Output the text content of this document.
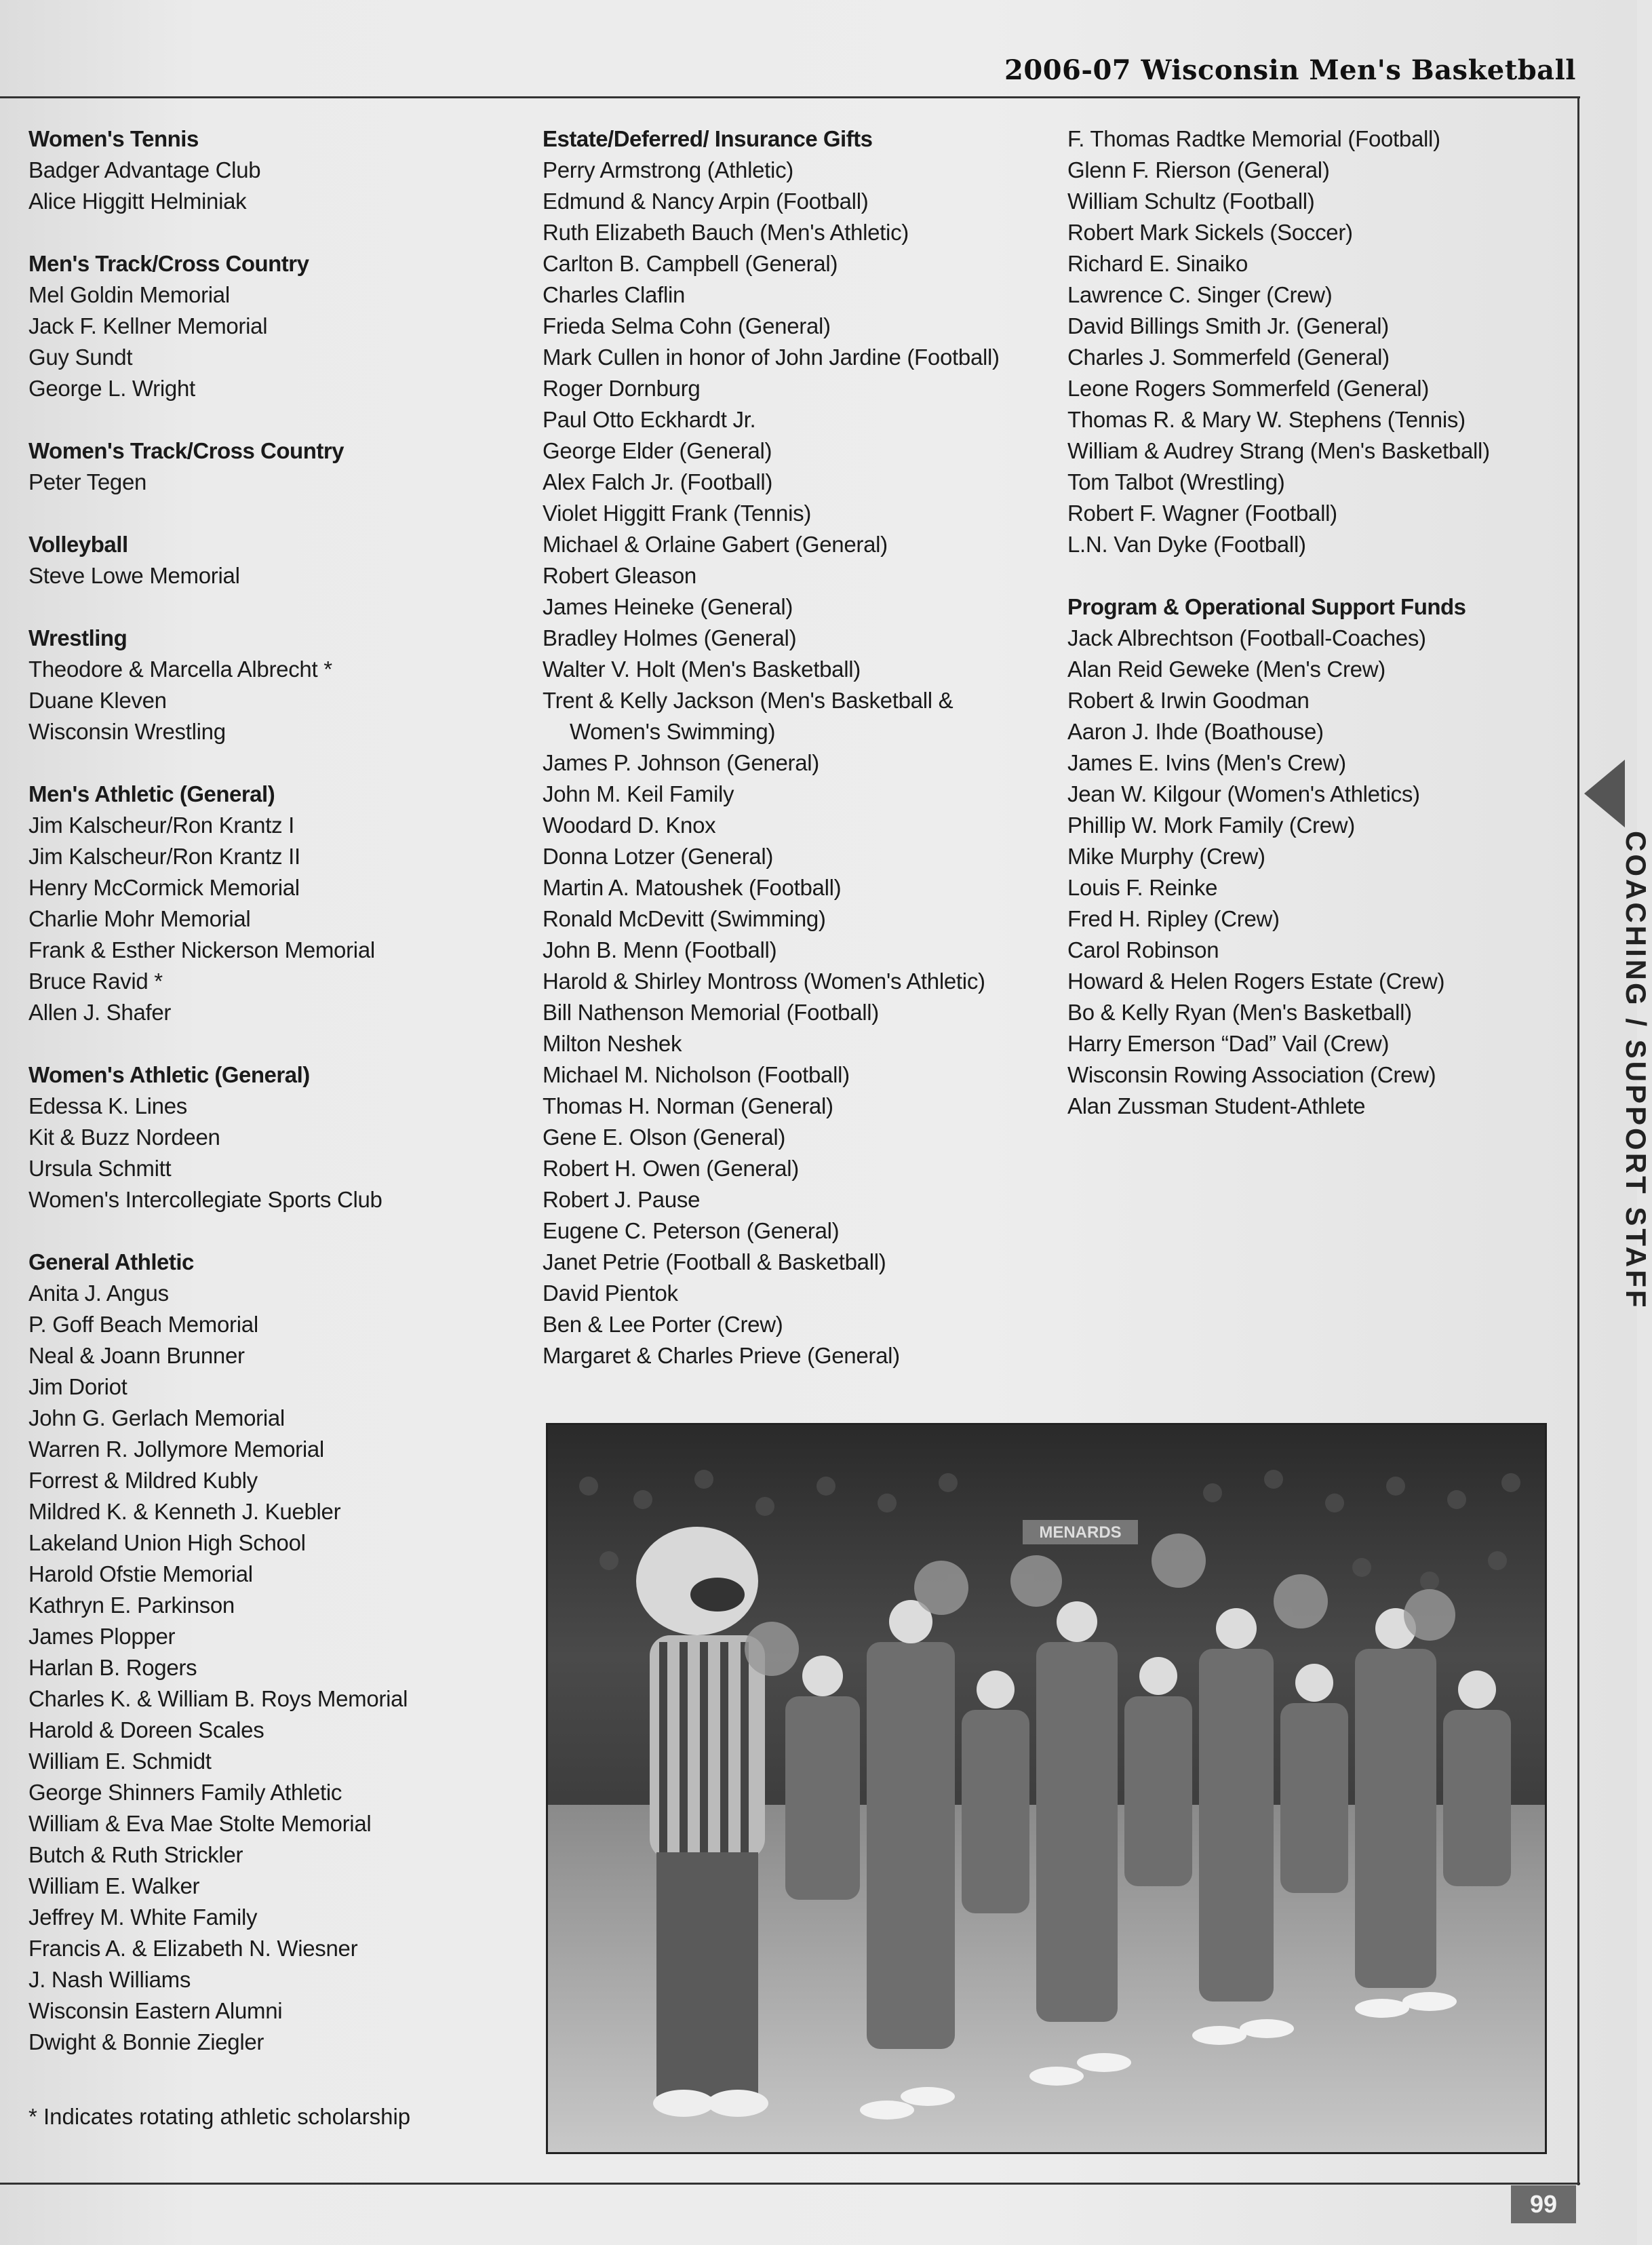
2006-07 Wisconsin Men's Basketball
Women's Tennis
Badger Advantage Club
Alice Higgitt Helminiak
Men's Track/Cross Country
Mel Goldin Memorial
Jack F. Kellner Memorial
Guy Sundt
George L. Wright
Women's Track/Cross Country
Peter Tegen
Volleyball
Steve Lowe Memorial
Wrestling
Theodore & Marcella Albrecht *
Duane Kleven
Wisconsin Wrestling
Men's Athletic (General)
Jim Kalscheur/Ron Krantz I
Jim Kalscheur/Ron Krantz II
Henry McCormick Memorial
Charlie Mohr Memorial
Frank & Esther Nickerson Memorial
Bruce Ravid *
Allen J. Shafer
Women's Athletic (General)
Edessa K. Lines
Kit & Buzz Nordeen
Ursula Schmitt
Women's Intercollegiate Sports Club
General Athletic
Anita J. Angus
P. Goff Beach Memorial
Neal & Joann Brunner
Jim Doriot
John G. Gerlach Memorial
Warren R. Jollymore Memorial
Forrest & Mildred Kubly
Mildred K. & Kenneth J. Kuebler
Lakeland Union High School
Harold Ofstie Memorial
Kathryn E. Parkinson
James Plopper
Harlan B. Rogers
Charles K. & William B. Roys Memorial
Harold & Doreen Scales
William E. Schmidt
George Shinners Family Athletic
William & Eva Mae Stolte Memorial
Butch & Ruth Strickler
William E. Walker
Jeffrey M. White Family
Francis A. & Elizabeth N. Wiesner
J. Nash Williams
Wisconsin Eastern Alumni
Dwight & Bonnie Ziegler
Estate/Deferred/ Insurance Gifts
Perry Armstrong (Athletic)
Edmund & Nancy Arpin (Football)
Ruth Elizabeth Bauch (Men's Athletic)
Carlton B. Campbell (General)
Charles Claflin
Frieda Selma Cohn (General)
Mark Cullen in honor of John Jardine (Football)
Roger Dornburg
Paul Otto Eckhardt Jr.
George Elder (General)
Alex Falch Jr. (Football)
Violet Higgitt Frank (Tennis)
Michael & Orlaine Gabert (General)
Robert Gleason
James Heineke (General)
Bradley Holmes (General)
Walter V. Holt (Men's Basketball)
Trent & Kelly Jackson (Men's Basketball &
Women's Swimming)
James P. Johnson (General)
John M. Keil Family
Woodard D. Knox
Donna Lotzer (General)
Martin A. Matoushek (Football)
Ronald McDevitt (Swimming)
John B. Menn (Football)
Harold & Shirley Montross (Women's Athletic)
Bill Nathenson Memorial (Football)
Milton Neshek
Michael M. Nicholson (Football)
Thomas H. Norman (General)
Gene E. Olson (General)
Robert H. Owen (General)
Robert J. Pause
Eugene C. Peterson (General)
Janet Petrie (Football & Basketball)
David Pientok
Ben & Lee Porter (Crew)
Margaret & Charles Prieve (General)
F. Thomas Radtke Memorial (Football)
Glenn F. Rierson (General)
William Schultz (Football)
Robert Mark Sickels (Soccer)
Richard E. Sinaiko
Lawrence C. Singer (Crew)
David Billings Smith Jr. (General)
Charles J. Sommerfeld (General)
Leone Rogers Sommerfeld (General)
Thomas R. & Mary W. Stephens (Tennis)
William & Audrey Strang (Men's Basketball)
Tom Talbot (Wrestling)
Robert F. Wagner (Football)
L.N. Van Dyke (Football)
Program & Operational Support Funds
Jack Albrechtson (Football-Coaches)
Alan Reid Geweke (Men's Crew)
Robert & Irwin Goodman
Aaron J. Ihde (Boathouse)
James E. Ivins (Men's Crew)
Jean W. Kilgour (Women's Athletics)
Phillip W. Mork Family (Crew)
Mike Murphy (Crew)
Louis F. Reinke
Fred H. Ripley (Crew)
Carol Robinson
Howard & Helen Rogers Estate (Crew)
Bo & Kelly Ryan (Men's Basketball)
Harry Emerson “Dad” Vail (Crew)
Wisconsin Rowing Association (Crew)
Alan Zussman Student-Athlete
* Indicates rotating athletic scholarship
MENARDS
COACHING / SUPPORT STAFF
99
